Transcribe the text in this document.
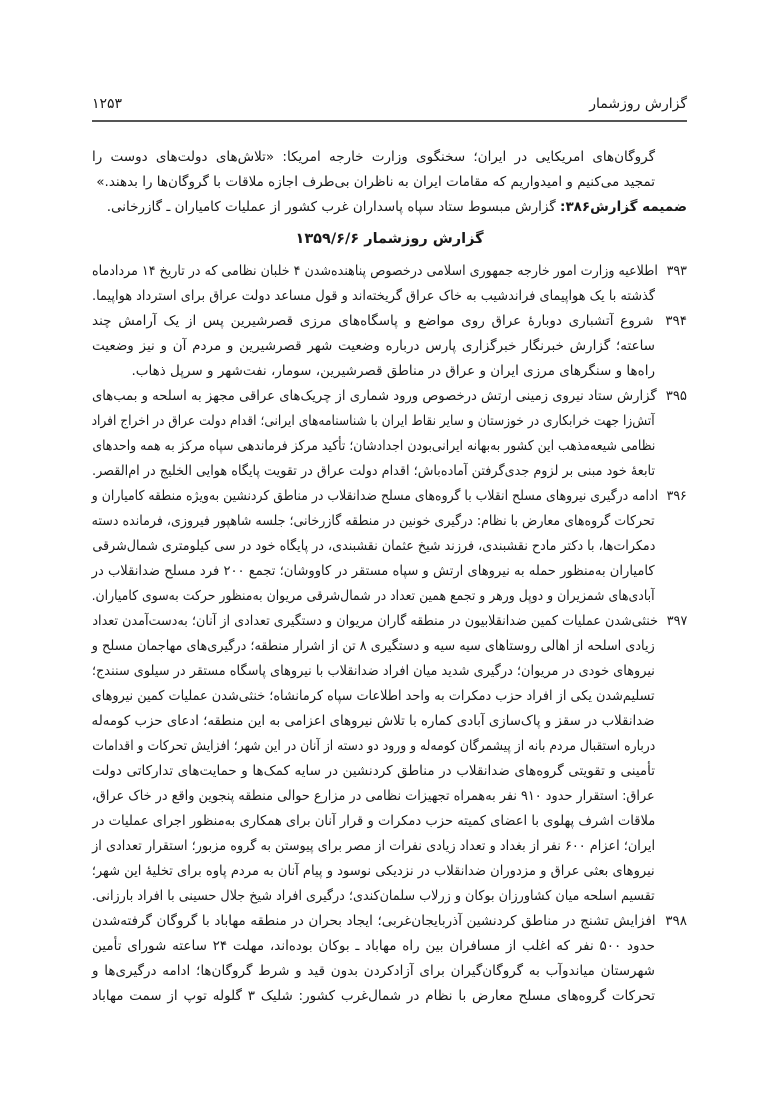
گزارش روزشمار
۱۲۵۳
گروگان‌های امریکایی در ایران؛ سخنگوی وزارت خارجه امریکا: «تلاش‌های دولت‌های دوست را
تمجید می‌کنیم و امیدواریم که مقامات ایران به ناظران بی‌طرف اجازه ملاقات با گروگان‌ها را بدهند.»
ضمیمه گزارش۳۸۶: گزارش مبسوط ستاد سپاه پاسداران غرب کشور از عملیات کامیاران ـ گازرخانی.
گزارش روزشمار ۱۳۵۹/۶/۶
۳۹۳ اطلاعیه وزارت امور خارجه جمهوری اسلامی درخصوص پناهنده‌شدن ۴ خلبان نظامی که در تاریخ ۱۴ مردادماه
گذشته با یک هواپیمای فراندشیب به خاک عراق گریخته‌اند و قول مساعد دولت عراق برای استرداد هواپیما.
۳۹۴ شروع آتشباری دوبارهٔ عراق روی مواضع و پاسگاه‌های مرزی قصرشیرین پس از یک آرامش چند
ساعته؛ گزارش خبرنگار خبرگزاری پارس درباره وضعیت شهر قصرشیرین و مردم آن و نیز وضعیت
راه‌ها و سنگرهای مرزی ایران و عراق در مناطق قصرشیرین، سومار، نفت‌شهر و سرپل ذهاب.
۳۹۵ گزارش ستاد نیروی زمینی ارتش درخصوص ورود شماری از چریک‌های عراقی مجهز به اسلحه و بمب‌های
آتش‌زا جهت خرابکاری در خوزستان و سایر نقاط ایران با شناسنامه‌های ایرانی؛ اقدام دولت عراق در اخراج افراد
نظامی شیعه‌مذهب این کشور به‌بهانه ایرانی‌بودن اجدادشان؛ تأکید مرکز فرماندهی سپاه مرکز به همه واحدهای
تابعهٔ خود مبنی بر لزوم جدی‌گرفتن آماده‌باش؛ اقدام دولت عراق در تقویت پایگاه هوایی الخلیج در ام‌القصر.
۳۹۶ ادامه درگیری نیروهای مسلح انقلاب با گروه‌های مسلح ضدانقلاب در مناطق کردنشین به‌ویژه منطقه کامیاران و
تحرکات گروه‌های معارض با نظام: درگیری خونین در منطقه گازرخانی؛ جلسه شاهپور فیروزی، فرمانده دسته
دمکرات‌ها، با دکتر مادح نقشبندی، فرزند شیخ عثمان نقشبندی، در پایگاه خود در سی کیلومتری شمال‌شرقی
کامیاران به‌منظور حمله به نیروهای ارتش و سپاه مستقر در کاووشان؛ تجمع ۲۰۰ فرد مسلح ضدانقلاب در
آبادی‌های شمزیران و دوپل ورهر و تجمع همین تعداد در شمال‌شرقی مریوان به‌منظور حرکت به‌سوی کامیاران.
۳۹۷ خنثی‌شدن عملیات کمین ضدانقلابیون در منطقه گاران مریوان و دستگیری تعدادی از آنان؛ به‌دست‌آمدن تعداد
زیادی اسلحه از اهالی روستاهای سیه سیه و دستگیری ۸ تن از اشرار منطقه؛ درگیری‌های مهاجمان مسلح و
نیروهای خودی در مریوان؛ درگیری شدید میان افراد ضدانقلاب با نیروهای پاسگاه مستقر در سیلوی سنندج؛
تسلیم‌شدن یکی از افراد حزب دمکرات به واحد اطلاعات سپاه کرمانشاه؛ خنثی‌شدن عملیات کمین نیروهای
ضدانقلاب در سقز و پاک‌سازی آبادی کماره با تلاش نیروهای اعزامی به این منطقه؛ ادعای حزب کومه‌له
درباره استقبال مردم بانه از پیشمرگان کومه‌له و ورود دو دسته از آنان در این شهر؛ افزایش تحرکات و اقدامات
تأمینی و تقویتی گروه‌های ضدانقلاب در مناطق کردنشین در سایه کمک‌ها و حمایت‌های تدارکاتی دولت
عراق: استقرار حدود ۹۱۰ نفر به‌همراه تجهیزات نظامی در مزارع حوالی منطقه پنجوین واقع در خاک عراق،
ملاقات اشرف پهلوی با اعضای کمیته حزب دمکرات و قرار آنان برای همکاری به‌منظور اجرای عملیات در
ایران؛ اعزام ۶۰۰ نفر از بغداد و تعداد زیادی نفرات از مصر برای پیوستن به گروه مزبور؛ استقرار تعدادی از
نیروهای بعثی عراق و مزدوران ضدانقلاب در نزدیکی نوسود و پیام آنان به مردم پاوه برای تخلیهٔ این شهر؛
تقسیم اسلحه میان کشاورزان بوکان و زرلاب سلمان‌کندی؛ درگیری افراد شیخ جلال حسینی با افراد بارزانی.
۳۹۸ افزایش تشنج در مناطق کردنشین آذربایجان‌غربی؛ ایجاد بحران در منطقه مهاباد با گروگان گرفته‌شدن
حدود ۵۰۰ نفر که اغلب از مسافران بین راه مهاباد ـ بوکان بوده‌اند، مهلت ۲۴ ساعته شورای تأمین
شهرستان میاندوآب به گروگان‌گیران برای آزادکردن بدون قید و شرط گروگان‌ها؛ ادامه درگیری‌ها و
تحرکات گروه‌های مسلح معارض با نظام در شمال‌غرب کشور: شلیک ۳ گلوله توپ از سمت مهاباد
